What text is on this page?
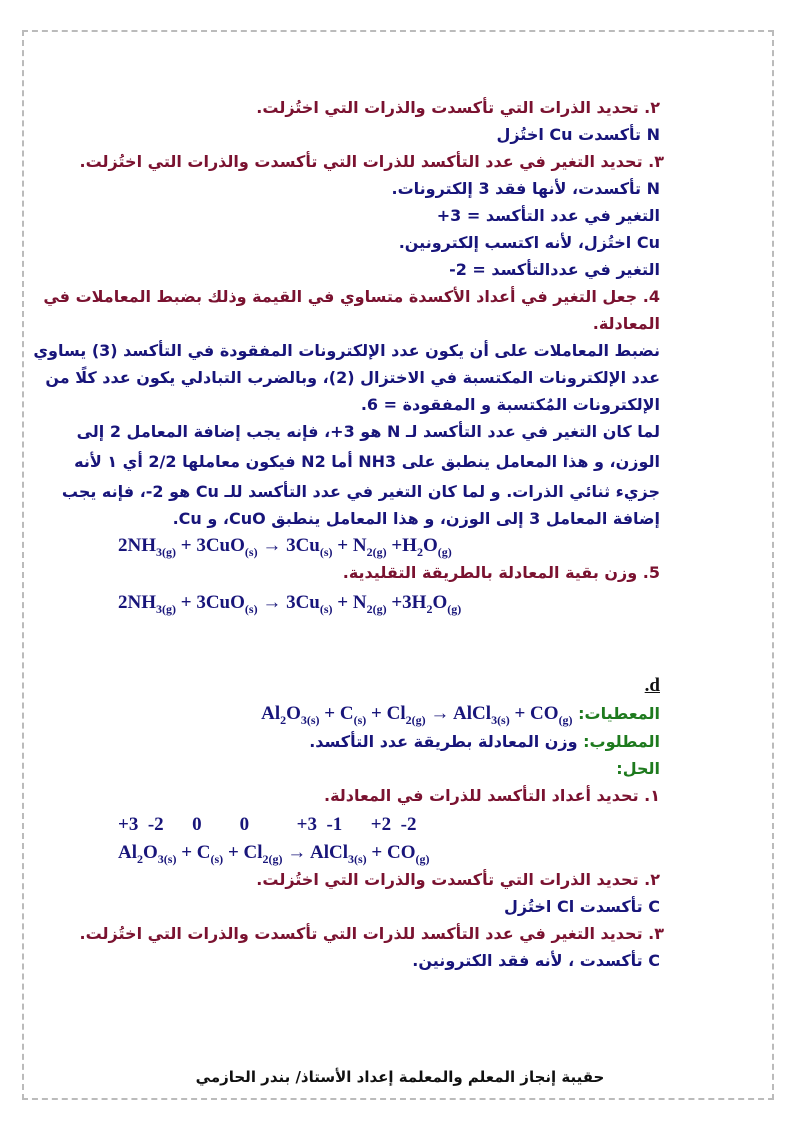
٢. تحديد الذرات التي تأكسدت والذرات التي اختُزلت.
N تأكسدت Cu اختُزل
٣. تحديد التغير في عدد التأكسد للذرات التي تأكسدت والذرات التي اختُزلت.
N تأكسدت، لأنها فقد 3 إلكترونات.
التغير في عدد التأكسد = 3+
Cu اختُزل، لأنه اكتسب إلكترونين.
التغير في عددالتأكسد = 2-
4. جعل التغير في أعداد الأكسدة متساوي في القيمة وذلك بضبط المعاملات في
المعادلة.
نضبط المعاملات على أن يكون عدد الإلكترونات المفقودة في التأكسد (3) يساوي
عدد الإلكترونات المكتسبة في الاختزال (2)، وبالضرب التبادلي يكون عدد كلًا من
الإلكترونات المُكتسبة و المفقودة = 6.
لما كان التغير في عدد التأكسد لـ N هو 3+، فإنه يجب إضافة المعامل 2 إلى
الوزن، و هذا المعامل ينطبق على NH3 أما N2 فيكون معاملها 2/2 أي ١ لأنه
جزيء ثنائي الذرات. و لما كان التغير في عدد التأكسد للـ Cu هو 2-، فإنه يجب
إضافة المعامل 3 إلى الوزن، و هذا المعامل ينطبق CuO، و Cu.
$2NH_{3(g)} + 3CuO_{(s)} \to 3Cu_{(s)} + N_{2(g)} +H_2O_{(g)}$
5. وزن بقية المعادلة بالطريقة التقليدية.
$2NH_{3(g)} + 3CuO_{(s)} \to 3Cu_{(s)} + N_{2(g)} +3H_2O_{(g)}$
.d
المعطيات: $Al_2O_{3(s)} + C_{(s)} + Cl_{2(g)}$ → AlCl$_{3(s)}$ + $CO_{(g)}$
المطلوب: وزن المعادلة بطريقة عدد التأكسد.
الحل:
١. تحديد أعداد التأكسد للذرات في المعادلة.
+3  -2      0        0          +3  -1      +2  -2
$Al_2O_{3(s)} + C_{(s)} + Cl_{2(g)}$ → AlCl$_{3(s)}$ + $CO_{(g)}$
٢. تحديد الذرات التي تأكسدت والذرات التي اختُزلت.
C تأكسدت Cl اختُزل
٣. تحديد التغير في عدد التأكسد للذرات التي تأكسدت والذرات التي اختُزلت.
C تأكسدت ، لأنه فقد الكترونين.
حقيبة إنجاز المعلم والمعلمة إعداد الأستاذ/ بندر الحازمي
